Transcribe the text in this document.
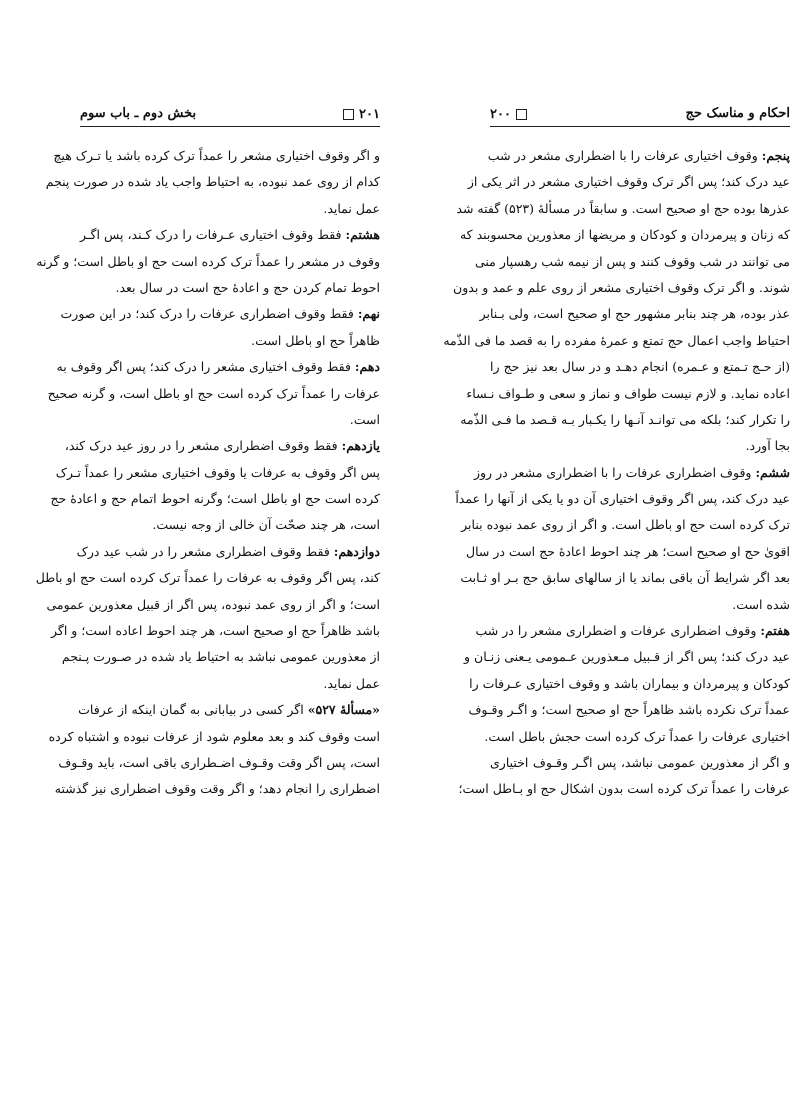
۲۰۱
بخش دوم ـ باب سوم
و اگر وقوف اختیاری مشعر را عمداً ترک کرده باشد یا تـرک هیچ
کدام از روی عمد نبوده، به احتیاط واجب یاد شده در صورت پنجم
عمل نماید.
هشتم: فقط وقوف اختیاری عـرفات را درک کـند، پس اگـر
وقوف در مشعر را عمداً ترک کرده است حج او باطل است؛ و گرنه
احوط تمام کردن حج و اعادهٔ حج است در سال بعد.
نهم: فقط وقوف اضطراری عرفات را درک کند؛ در این صورت
ظاهراً حج او باطل است.
دهم: فقط وقوف اختیاری مشعر را درک کند؛ پس اگر وقوف به
عرفات را عمداً ترک کرده است حج او باطل است، و گرنه صحیح
است.
یازدهم: فقط وقوف اضطراری مشعر را در روز عید درک کند،
پس اگر وقوف به عرفات یا وقوف اختیاری مشعر را عمداً تـرک
کرده است حج او باطل است؛ وگرنه احوط اتمام حج و اعادهٔ حج
است، هر چند صحّت آن خالی از وجه نیست.
دوازدهم: فقط وقوف اضطراری مشعر را در شب عید درک
کند، پس اگر وقوف به عرفات را عمداً ترک کرده است حج او باطل
است؛ و اگر از روی عمد نبوده، پس اگر از قبیل معذورین عمومی
باشد ظاهراً حج او صحیح است، هر چند احوط اعاده است؛ و اگر
از معذورین عمومی نباشد به احتیاط یاد شده در صـورت پـنجم
عمل نماید.
«مسألهٔ ۵۲۷» اگر کسی در بیابانی به گمان اینکه از عرفات
است وقوف کند و بعد معلوم شود از عرفات نبوده و اشتباه کرده
است، پس اگر وقت وقـوف اضـطراری باقی است، باید وقـوف
اضطراری را انجام دهد؛ و اگر وقت وقوف اضطراری نیز گذشته
احکام و مناسک حج
۲۰۰
پنجم: وقوف اختیاری عرفات را با اضطراری مشعر در شب
عید درک کند؛ پس اگر ترک وقوف اختیاری مشعر در اثر یکی از
عذرها بوده حج او صحیح است. و سابقاً در مسألهٔ (۵۲۳) گفته شد
که زنان و پیرمردان و کودکان و مریضها از معذورین محسوبند که
می توانند در شب وقوف کنند و پس از نیمه شب رهسپار منی
شوند. و اگر ترک وقوف اختیاری مشعر از روی علم و عمد و بدون
عذر بوده، هر چند بنابر مشهور حج او صحیح است، ولی بـنابر
احتیاط واجب اعمال حج تمتع و عمرهٔ مفرده را به قصد ما فی الذّمه
(از حـج تـمتع و عـمره) انجام دهـد و در سال بعد نیز حج را
اعاده نماید. و لازم نیست طواف و نماز و سعی و طـواف نـساء
را تکرار کند؛ بلکه می توانـد آنـها را یکـبار بـه قـصد ما فـی الذّمه
بجا آورد.
ششم: وقوف اضطراری عرفات را با اضطراری مشعر در روز
عید درک کند، پس اگر وقوف اختیاری آن دو یا یکی از آنها را عمداً
ترک کرده است حج او باطل است. و اگر از روی عمد نبوده بنابر
اقویٰ حج او صحیح است؛ هر چند احوط اعادهٔ حج است در سال
بعد اگر شرایط آن باقی بماند یا از سالهای سابق حج بـر او ثـابت
شده است.
هفتم: وقوف اضطراری عرفات و اضطراری مشعر را در شب
عید درک کند؛ پس اگر از قـبیل مـعذورین عـمومی یـعنی زنـان و
کودکان و پیرمردان و بیماران باشد و وقوف اختیاری عـرفات را
عمداً ترک نکرده باشد ظاهراً حج او صحیح است؛ و اگـر وقـوف
اختیاری عرفات را عمداً ترک کرده است حجش باطل است.
و اگر از معذورین عمومی نباشد، پس اگـر وقـوف اختیاری
عرفات را عمداً ترک کرده است بدون اشکال حج او بـاطل است؛
